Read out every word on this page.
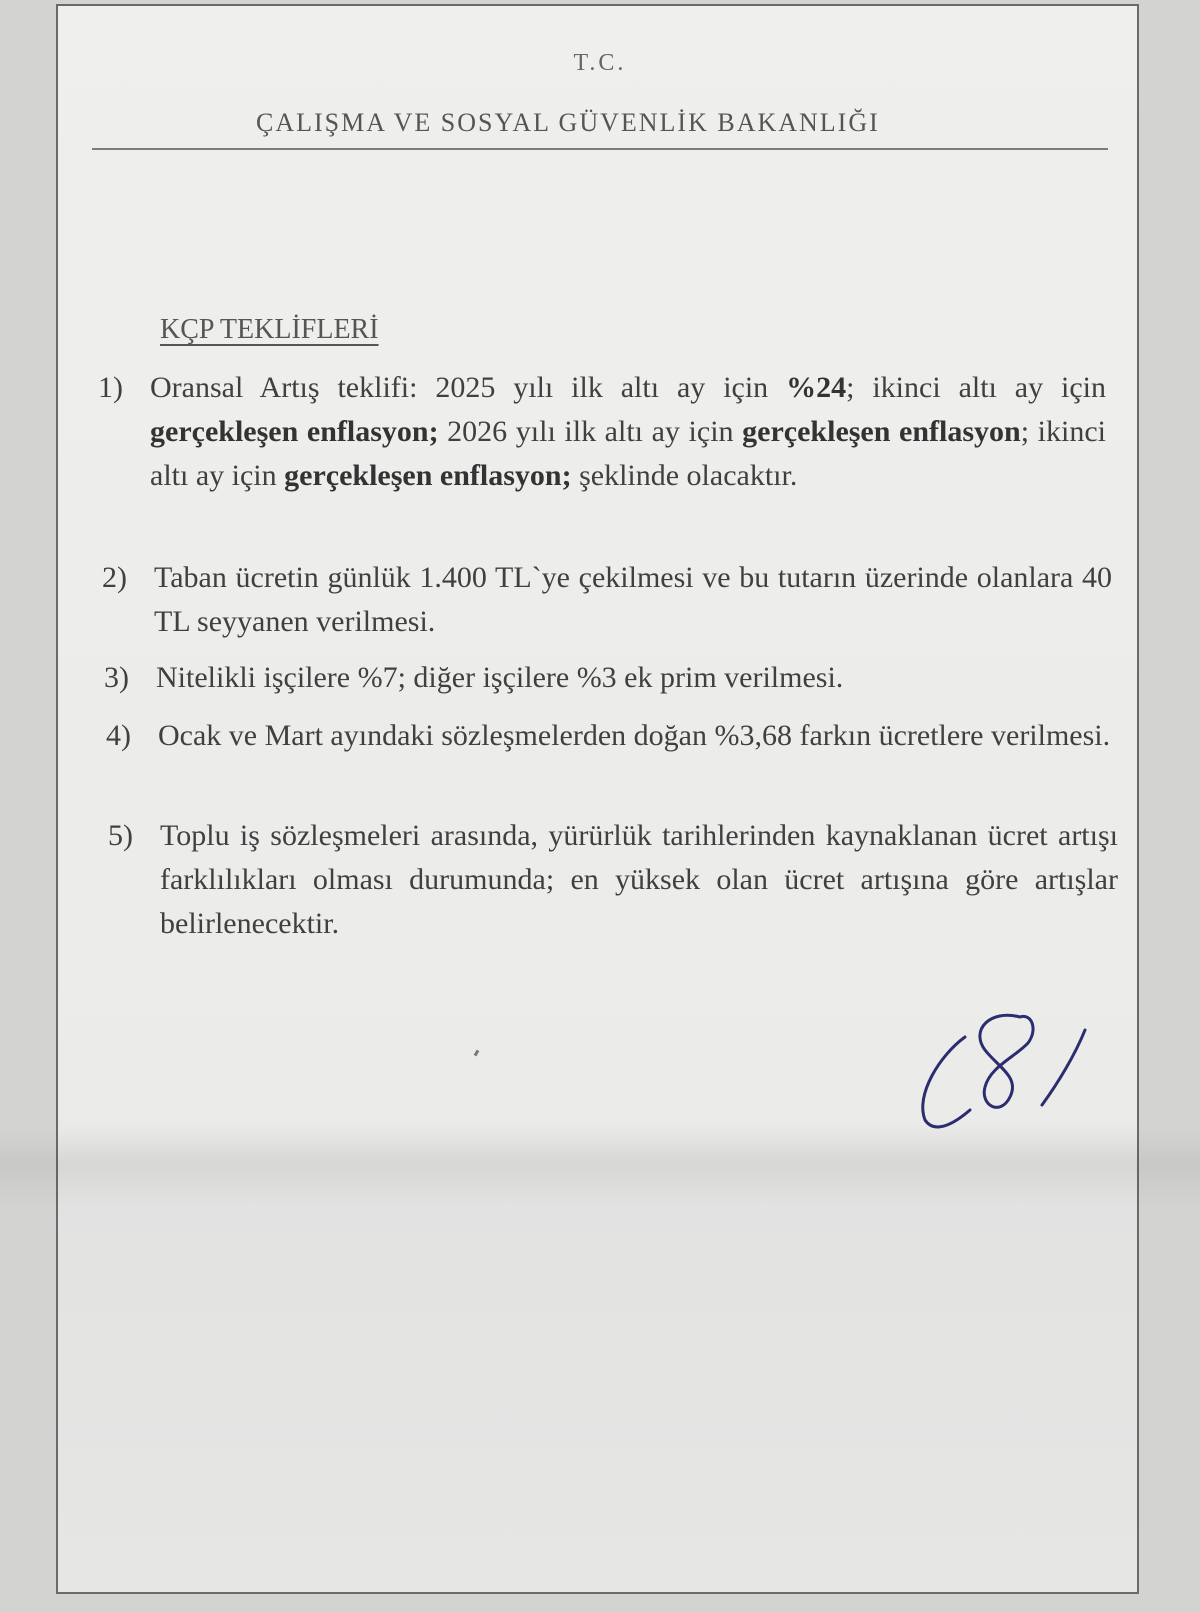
T.C.
ÇALIŞMA VE SOSYAL GÜVENLİK BAKANLIĞI
KÇP TEKLİFLERİ
1) Oransal Artış teklifi: 2025 yılı ilk altı ay için %24; ikinci altı ay için gerçekleşen enflasyon; 2026 yılı ilk altı ay için gerçekleşen enflasyon; ikinci altı ay için gerçekleşen enflasyon; şeklinde olacaktır.
2) Taban ücretin günlük 1.400 TL`ye çekilmesi ve bu tutarın üzerinde olanlara 40 TL seyyanen verilmesi.
3) Nitelikli işçilere %7; diğer işçilere %3 ek prim verilmesi.
4) Ocak ve Mart ayındaki sözleşmelerden doğan %3,68 farkın ücretlere verilmesi.
5) Toplu iş sözleşmeleri arasında, yürürlük tarihlerinden kaynaklanan ücret artışı farklılıkları olması durumunda; en yüksek olan ücret artışına göre artışlar belirlenecektir.
